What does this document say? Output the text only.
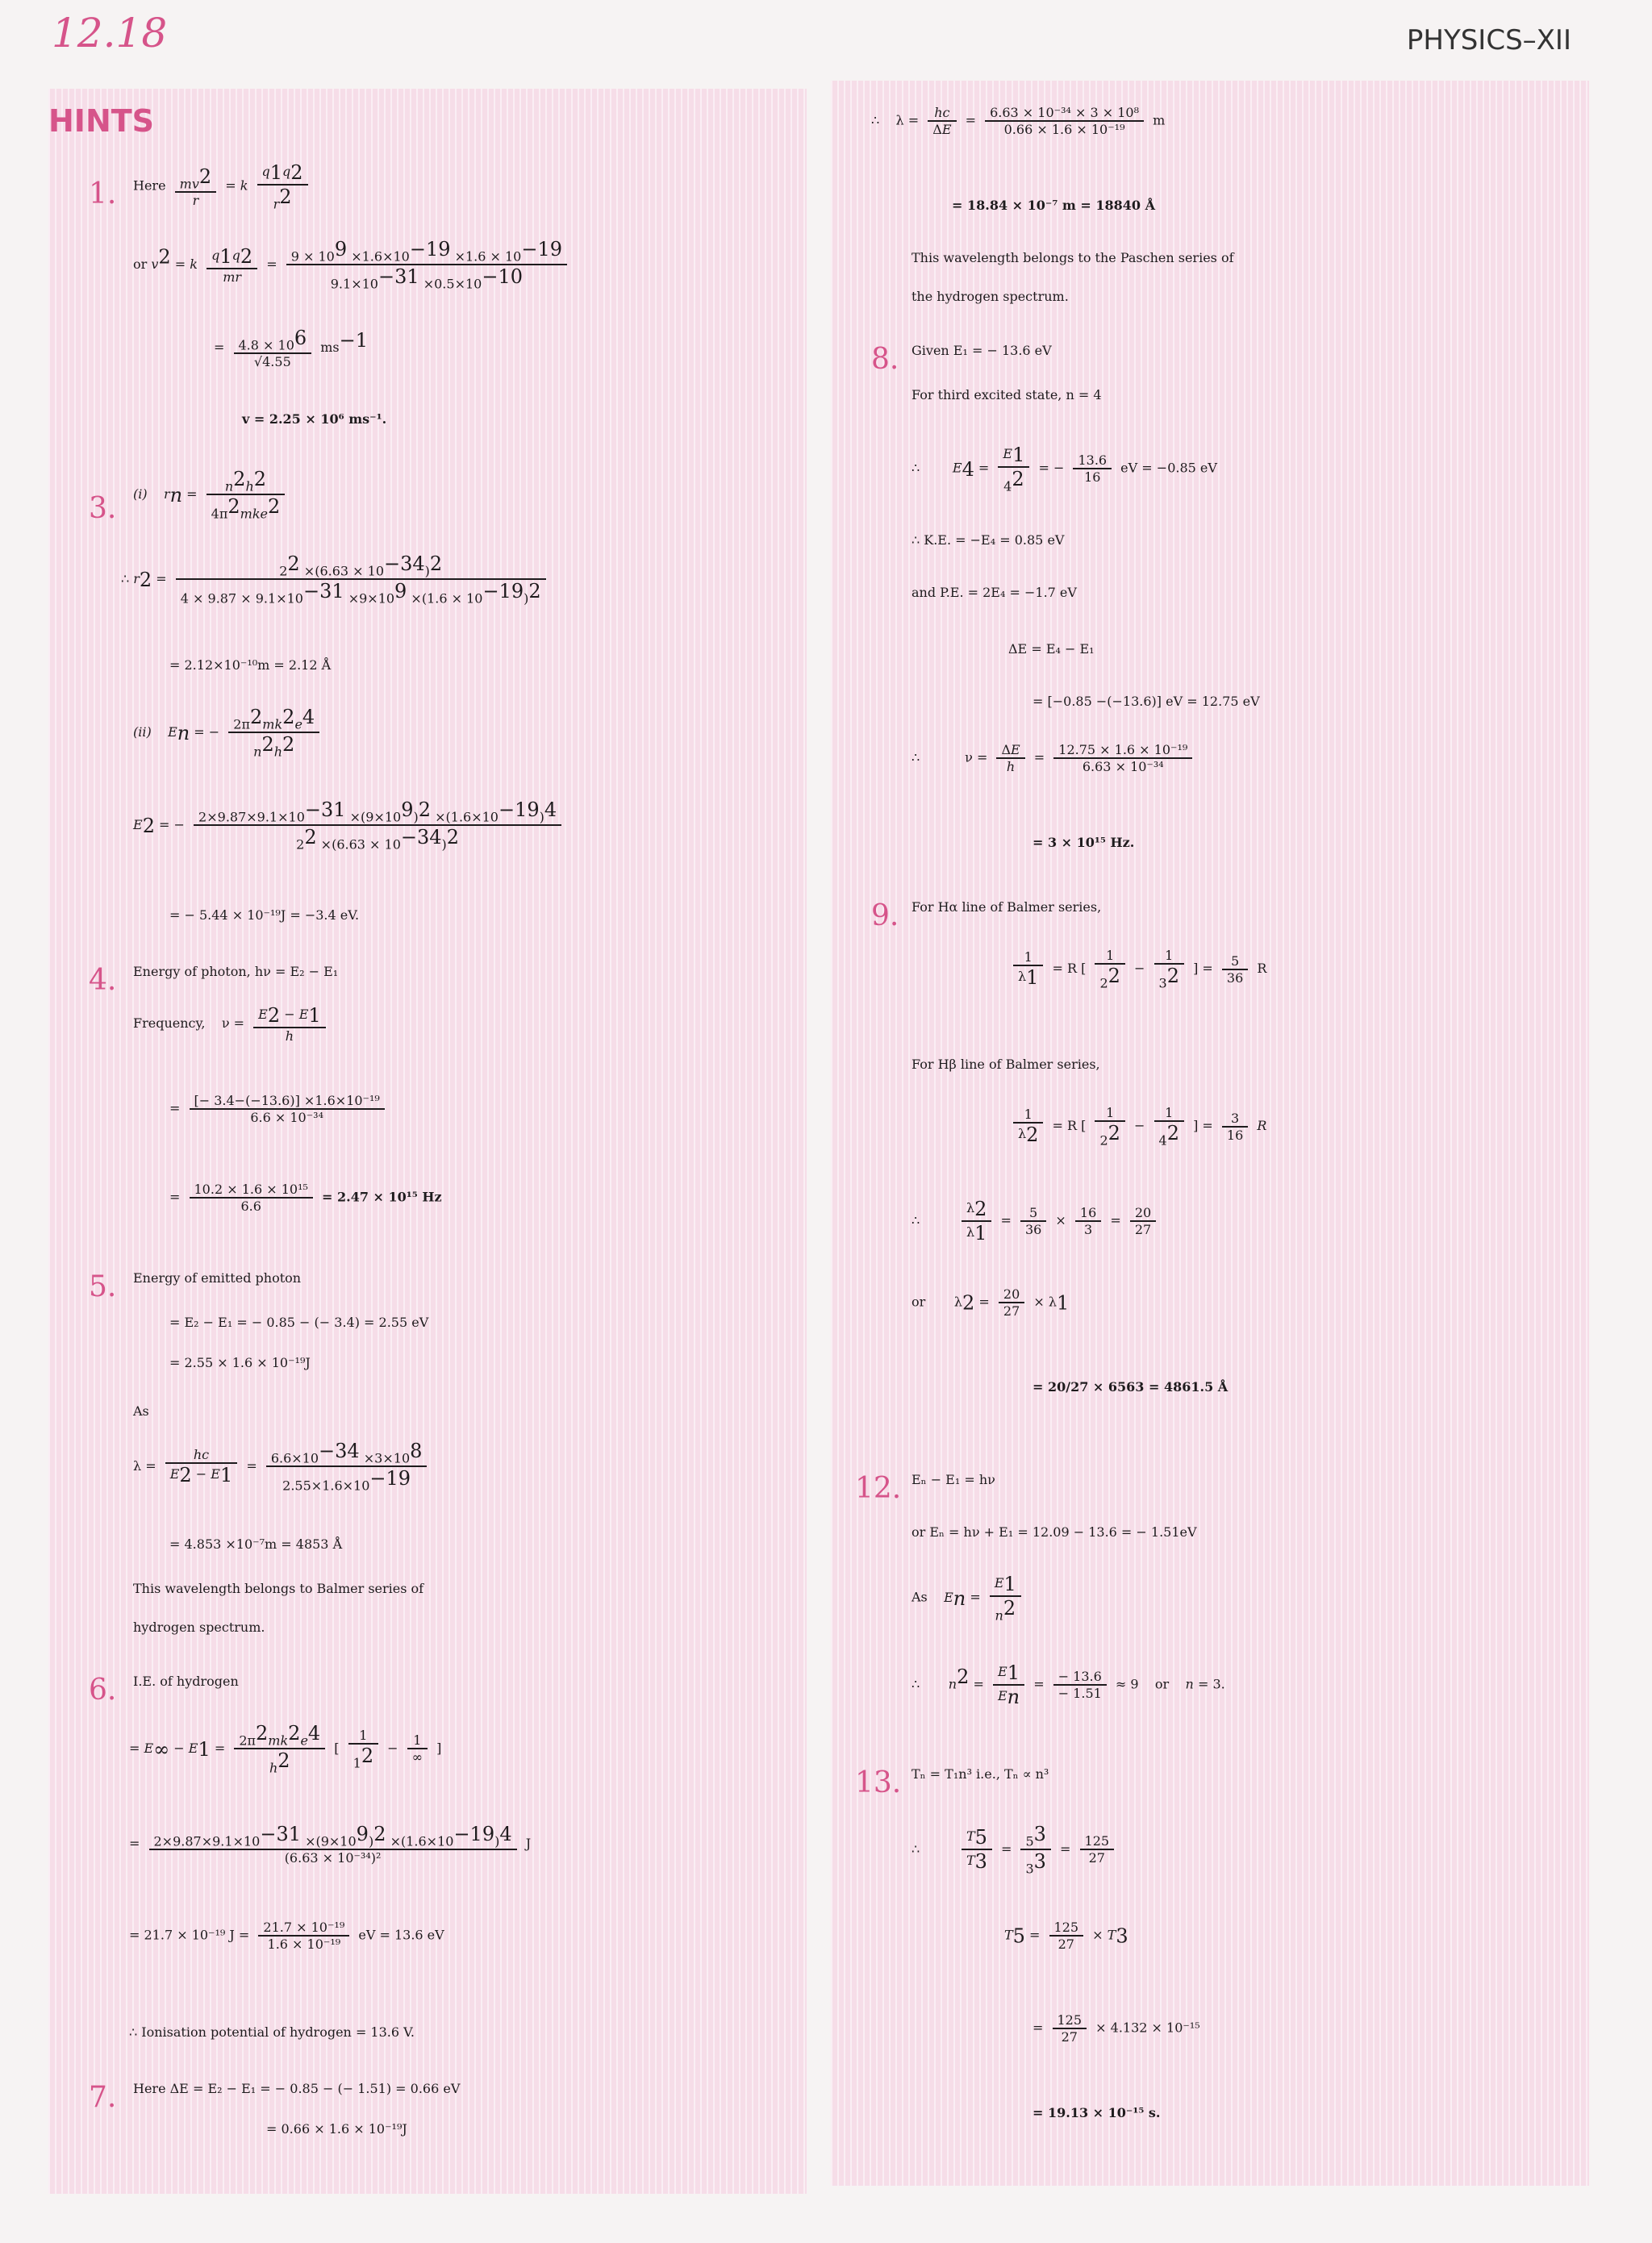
12.18	PHYSICS–XII
HINTS
1. Here $\frac{mv^2}{r} = k \frac{q_1q_2}{r^2}$
or $v^2 = k \frac{q_1q_2}{mr} = \frac{9 \times 10^9 \times 1.6\times 10^{-19} \times 1.6 \times 10^{-19}}{9.1\times 10^{-31} \times 0.5\times 10^{-10}}$
= $\frac{4.8 \times 10^6}{√4.55} ms^{-1}$
v = 2.25 × 10⁶ ms⁻¹.
3. (i) $r_n = \frac{n^2h^2}{4\pi^2mke^2}$
∴ $r_2 = \frac{2^2 \times(6.63 \times 10^{-34})^2}{4 \times 9.87 \times 9.1\times 10^{-31} \times 9\times 10^9 \times(1.6 \times 10^{-19})^2}$
= 2.12×10⁻¹⁰m = 2.12 Å
(ii) $E_n$ = − $\frac{2\pi^2mk^2e^4}{n^2h^2}$
$E_2$ = − $\frac{2\times 9.87\times 9.1\times 10^{-31} \times(9\times 10^9)^2 \times(1.6\times 10^{-19})^4}{2^2 \times(6.63 \times 10^{-34})^2}$
= − 5.44 × 10⁻¹⁹J = −3.4 eV.
4. Energy of photon, hν = E₂ − E₁
Frequency,    $\nu = \frac{E_2 - E_1}{h}$
= $\frac{\text{[− 3.4−(−13.6)] ×1.6×10⁻¹⁹}}{\text{6.6 × 10⁻³⁴}}$
= $\frac{\text{10.2 × 1.6 × 10¹⁵}}{6.6} = 2.47 \times 10^{15}$ Hz
5. Energy of emitted photon
= E₂ − E₁ = − 0.85 − (− 3.4) = 2.55 eV
= 2.55 × 1.6 × 10⁻¹⁹J
As
$\lambda = \frac{hc}{E_2 - E_1} = \frac{6.6\times 10^{-34} \times 3\times 10^8}{2.55\times 1.6\times 10^{-19}}$
= 4.853 ×10⁻⁷m = 4853 Å
This wavelength belongs to Balmer series of
hydrogen spectrum.
6. I.E. of hydrogen
= $E_\infty - E_1 = \frac{2\pi^2mk^2e^4}{h^2}$ [ $\frac{1}{1^2} - \frac{1}{\infty}$ ]
= $\frac{2\times 9.87\times 9.1\times 10^{-31} \times(9\times 10^9)^2 \times(1.6\times 10^{-19})^4}{\text{(6.63 × 10⁻³⁴)²}}$ J
= 21.7 × 10⁻¹⁹ $J = \frac{\text{21.7 × 10⁻¹⁹}}{\text{1.6 × 10⁻¹⁹}}$ eV = 13.6 eV
∴ Ionisation potential of hydrogen = 13.6 V.
7. Here ΔE = E₂ − E₁ = − 0.85 − (− 1.51) = 0.66 eV
= 0.66 × 1.6 × 10⁻¹⁹J
∴    $\lambda = \frac{hc}{\Delta E} = \frac{\text{6.63 × 10⁻³⁴ × 3 × 10⁸}}{\text{0.66 × 1.6 × 10⁻¹⁹}}$ m
= 18.84 × 10⁻⁷ m = 18840 Å
This wavelength belongs to the Paschen series of
the hydrogen spectrum.
8. Given E₁ = − 13.6 eV
For third excited state, n = 4
∴        $E_4 = \frac{E_1}{4^2}$ = − $\frac{13.6}{16}$ eV = −0.85 eV
∴ K.E. = −E₄ = 0.85 eV
and P.E. = 2E₄ = −1.7 eV
ΔE = E₄ − E₁
= [−0.85 −(−13.6)] eV = 12.75 eV
∴           $\nu = \frac{\Delta E}{h} = \frac{\text{12.75 × 1.6 × 10⁻¹⁹}}{\text{6.63 × 10⁻³⁴}}$
= 3 × 10¹⁵ Hz.
9. For Hα line of Balmer series,
$\frac{1}{\lambda_1} = R$ [ $\frac{1}{2^2} - \frac{1}{3^2}$ ] = $\frac{5}{36}$ R
For Hβ line of Balmer series,
$\frac{1}{\lambda_2} = R$ [ $\frac{1}{2^2} - \frac{1}{4^2}$ ] = $\frac{3}{16}$ R
∴ $\frac{\lambda_2}{\lambda_1} = \frac{5}{36} \times \frac{16}{3} = \frac{20}{27}$
or       $\lambda_2 = \frac{20}{27} \times \lambda_1$
= 20/27 × 6563 = 4861.5 Å
12. Eₙ − E₁ = hν
or Eₙ = hν + E₁ = 12.09 − 13.6 = − 1.51eV
As $E_n = \frac{E_1}{n^2}$
∴       $n^2 = \frac{E_1}{E_n} = \frac{- 13.6}{- 1.51} \approx 9$    or    n = 3.
13. Tₙ = T₁n³ i.e., Tₙ ∝ n³
∴ $\frac{T_5}{T_3} = \frac{5^3}{3^3} = \frac{125}{27}$
$T_5 = \frac{125}{27} \times T_3$
= $\frac{125}{27} \times 4.132 \times 10^{-15}$
= 19.13 × 10⁻¹⁵ s.
